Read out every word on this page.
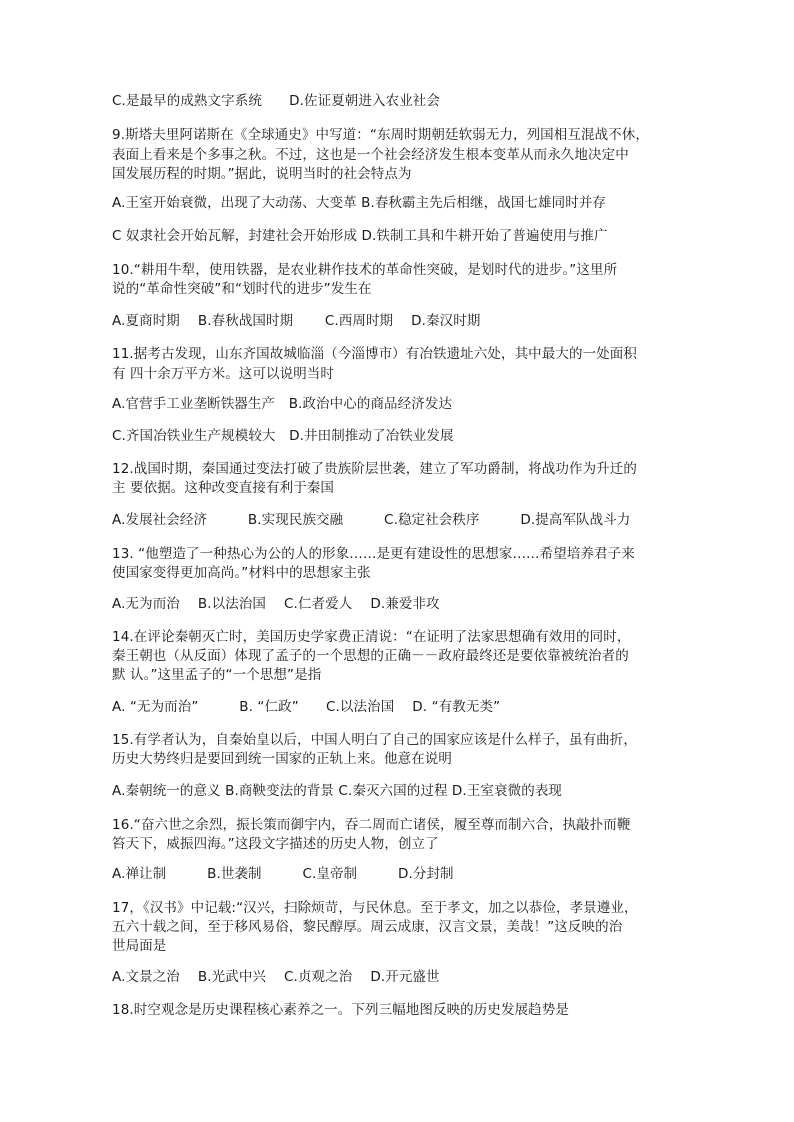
C.是最早的成熟文字系统　　D.佐证夏朝进入农业社会
9.斯塔夫里阿诺斯在《全球通史》中写道：“东周时期朝廷软弱无力，列国相互混战不休，
表面上看来是个多事之秋。不过，这也是一个社会经济发生根本变革从而永久地决定中
国发展历程的时期。”据此，说明当时的社会特点为
A.王室开始衰微，出现了大动荡、大变革 B.春秋霸主先后相继，战国七雄同时并存
C 奴隶社会开始瓦解，封建社会开始形成 D.铁制工具和牛耕开始了普遍使用与推广
10.“耕用牛犁，使用铁器，是农业耕作技术的革命性突破，是划时代的进步。”这里所
说的“革命性突破”和“划时代的进步”发生在
A.夏商时期　 B.春秋战国时期　　 C.西周时期　 D.秦汉时期
11.据考古发现，山东齐国故城临淄（今淄博市）有冶铁遗址六处，其中最大的一处面积
有 四十余万平方米。这可以说明当时
A.官营手工业垄断铁器生产　B.政治中心的商品经济发达
C.齐国冶铁业生产规模较大　D.井田制推动了冶铁业发展
12.战国时期，秦国通过变法打破了贵族阶层世袭，建立了军功爵制，将战功作为升迁的
主 要依据。这种改变直接有利于秦国
A.发展社会经济　　　B.实现民族交融　　　C.稳定社会秩序　　　D.提高军队战斗力
13. “他塑造了一种热心为公的人的形象……是更有建设性的思想家……希望培养君子来
使国家变得更加高尚。”材料中的思想家主张
A.无为而治　 B.以法治国　 C.仁者爱人　 D.兼爱非攻
14.在评论秦朝灭亡时，美国历史学家费正清说：“在证明了法家思想确有效用的同时，
秦王朝也（从反面）体现了孟子的一个思想的正确－－政府最终还是要依靠被统治者的
默 认。”这里孟子的“一个思想”是指
A. “无为而治”　　　B. “仁政”　　C.以法治国　 D. “有教无类”
15.有学者认为，自秦始皇以后，中国人明白了自己的国家应该是什么样子，虽有曲折，
历史大势终归是要回到统一国家的正轨上来。他意在说明
A.秦朝统一的意义 B.商鞅变法的背景 C.秦灭六国的过程 D.王室衰微的表现
16.“奋六世之余烈，振长策而御宇内，吞二周而亡诸侯，履至尊而制六合，执敲扑而鞭
笞天下，威振四海。”这段文字描述的历史人物，创立了
A.禅让制　　　B.世袭制　　　C.皇帝制　　　D.分封制
17，《汉书》中记载:“汉兴，扫除烦苛，与民休息。至于孝文，加之以恭俭，孝景遵业，
五六十载之间，至于移风易俗，黎民醇厚。周云成康，汉言文景，美哉！”这反映的治
世局面是
A.文景之治　 B.光武中兴　 C.贞观之治　 D.开元盛世
18.时空观念是历史课程核心素养之一。下列三幅地图反映的历史发展趋势是
